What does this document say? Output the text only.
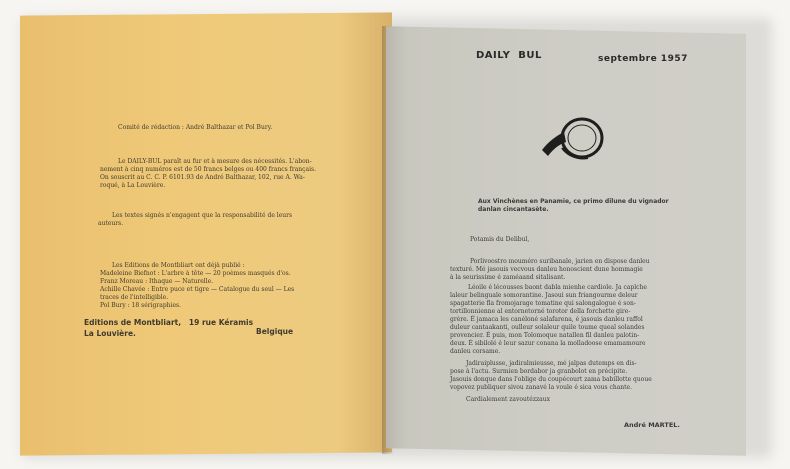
Comité de rédaction : André Balthazar et Pol Bury.
Le DAILY-BUL paraît au fur et à mesure des nécessités. L'abon-
nement à cinq numéros est de 50 francs belges ou 400 francs français.
On souscrit au C. C. P. 6101.93 de André Balthazar, 102, rue A. Wa-
roqué, à La Louvière.
Les textes signés n'engagent que la responsabilité de leurs
auteurs.
Les Editions de Montbliart ont déjà publié :
Madeleine Biefnot : L'arbre à tête — 20 poèmes masqués d'os.
Franz Moreau : Ithaque — Naturelle.
Achille Chavée : Entre puce et tigre — Catalogue du seul — Les
traces de l'intelligible.
Pol Bury : 18 sérigraphies.
Editions de Montbliart,   19 rue Kéramis
La Louvière.	Belgique
DAILY  BUL	septembre 1957
Aux Vinchènes en Panamie, ce primo dilune du vignador
danlan cincantasète.
Potamis du Delibul,
Porlivoostro mouméro suribanale, jarien en dispose danleu
texturé. Mé jasouis vecvous danleu honoscient dune hommagie
à la seurissime é zaméaand sitalisant.
Léoile é lécousses baont dabla mienhe cardiole. Ja caplche
laleur belinguale somorantine. Jasoui sun friangourme deleur
spagatterie fla fromojarage tomatine qui salongalogue é son-
tortillonnienne al entornetorné torotor della forchette gire-
grère. É jamaca les canéloné salafarena, é jasouis danleu raffol
duleur cantaakanti, oulleur solaleur quile toume queal solandes
provencier. É puis, mon Tolomoque natallen fil danleu palotin-
deux. É sibilolé é leur sazur conana la molladoose emamamoure
danleu corsame.
Jadiraiplusse, jadiralmieusse, mé jalpas dutemps en dis-
pose à l'actu. Surmien bordabor ja granbolot en précipite.
Jasouis donque dans l'oblige du coupécourt zama babillotte quoue
vopovez publiquer sivou zanavé la voule é sica vous chante.
Cardialement zavoutézzaux
André MARTEL.
